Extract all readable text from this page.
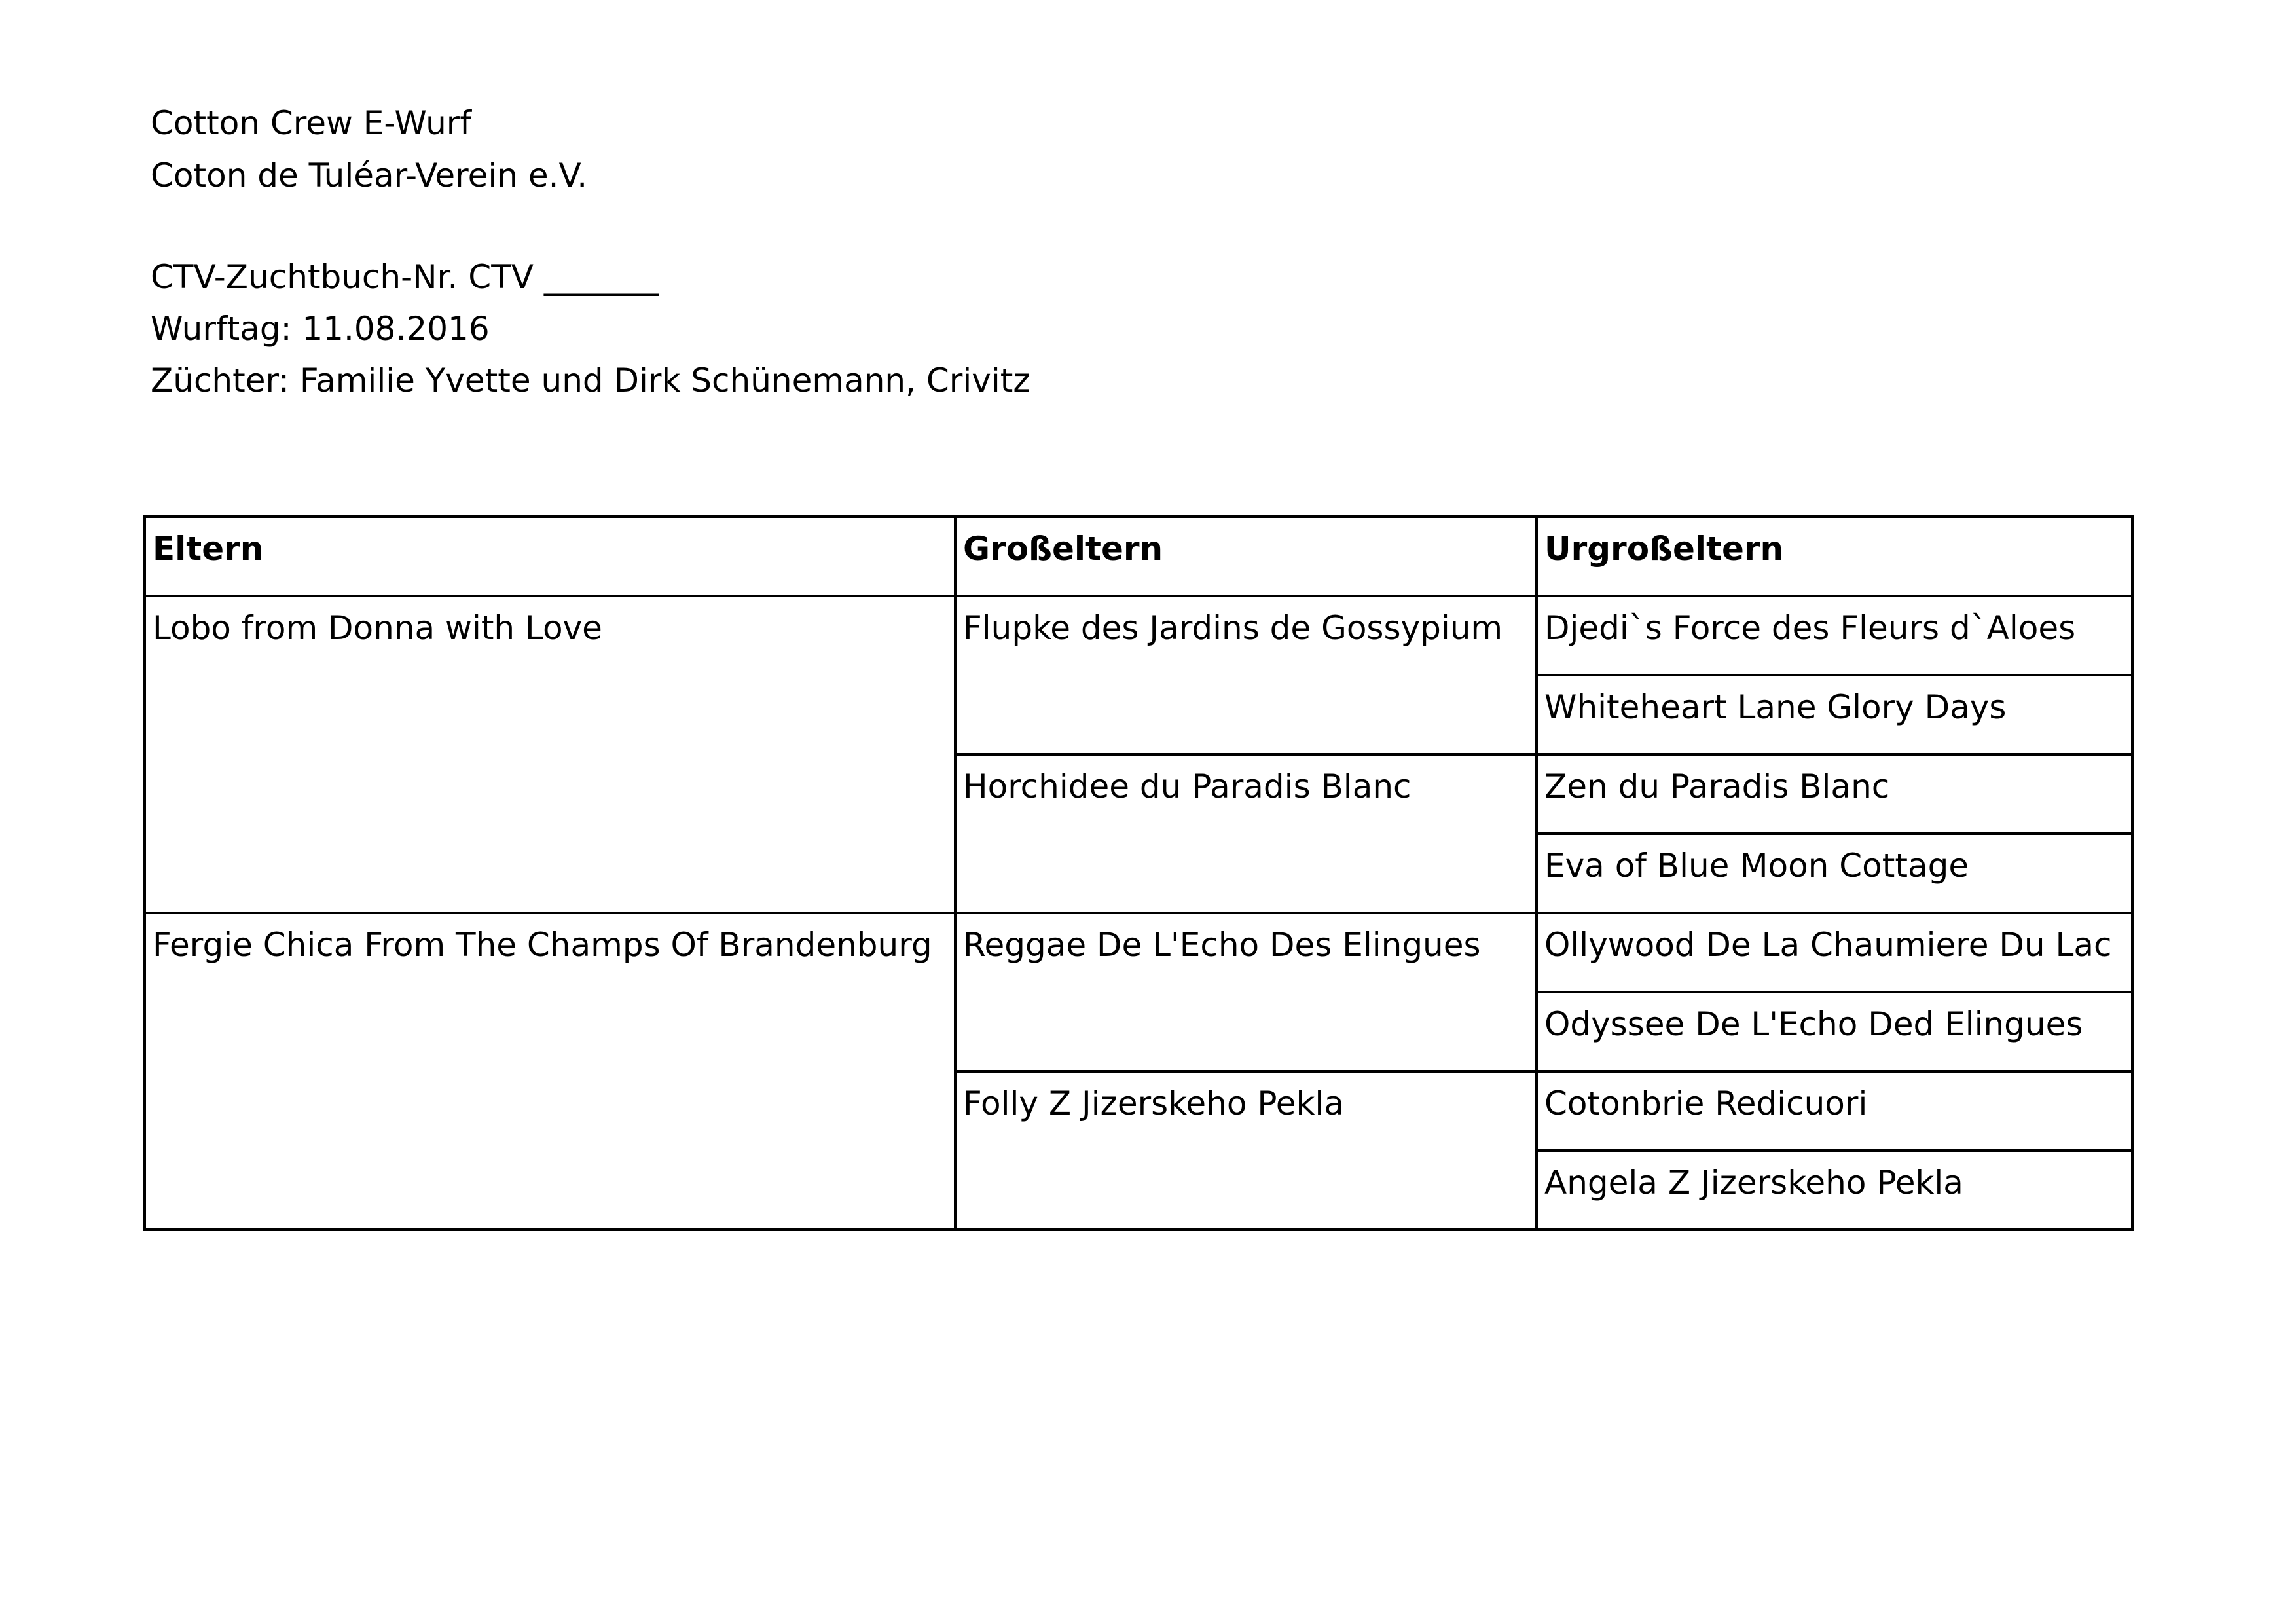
Cotton Crew E-Wurf

Coton de Tuléar-Verein e.V.

CTV-Zuchtbuch-Nr. CTV _______

Wurftag: 11.08.2016

Züchter: Familie Yvette und Dirk Schünemann, Crivitz

Eltern	Großeltern	Urgroßeltern
Lobo from Donna with Love	Flupke des Jardins de Gossypium	Djedi`s Force des Fleurs d`Aloes
		Whiteheart Lane Glory Days
	Horchidee du Paradis Blanc	Zen du Paradis Blanc
		Eva of Blue Moon Cottage
Fergie Chica From The Champs Of Brandenburg	Reggae De L'Echo Des Elingues	Ollywood De La Chaumiere Du Lac
		Odyssee De L'Echo Ded Elingues
	Folly Z Jizerskeho Pekla	Cotonbrie Redicuori
		Angela Z Jizerskeho Pekla
